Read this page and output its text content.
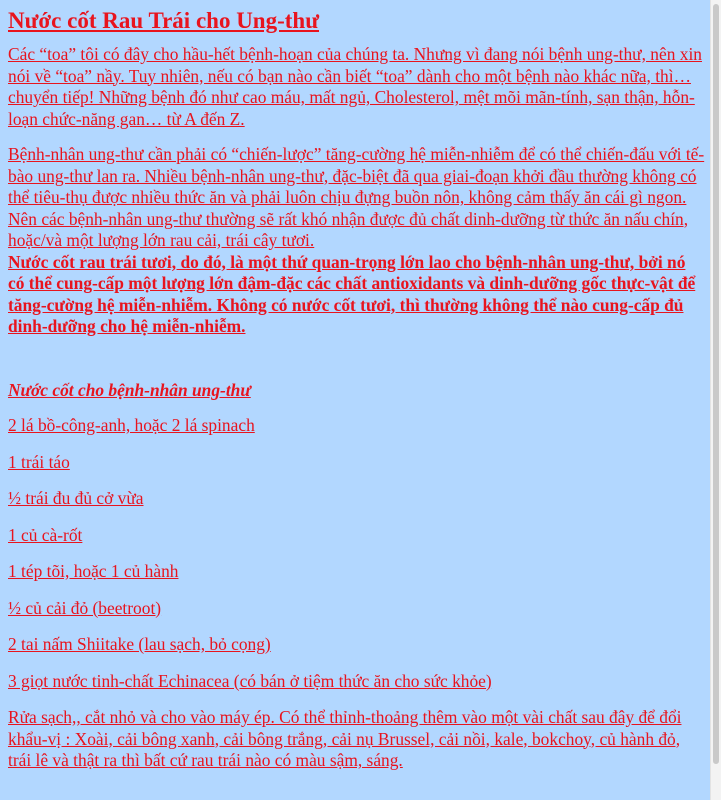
Nước cốt Rau Trái cho Ung-thư

Các “toa” tôi có đây cho hầu-hết bệnh-hoạn của chúng ta. Nhưng vì đang nói bệnh ung-thư, nên xin nói về “toa” nầy. Tuy nhiên, nếu có bạn nào cần biết “toa” dành cho một bệnh nào khác nữa, thì… chuyển tiếp! Những bệnh đó như cao máu, mất ngủ, Cholesterol, mệt mõi mãn-tính, sạn thận, hỗn-loạn chức-năng gan… từ A đến Z.

Bệnh-nhân ung-thư cần phải có “chiến-lược” tăng-cường hệ miễn-nhiễm để có thể chiến-đấu với tế-bào ung-thư lan ra. Nhiều bệnh-nhân ung-thư, đặc-biệt đã qua giai-đoạn khởi đầu thường không có thể tiêu-thụ được nhiều thức ăn và phải luôn chịu đựng buồn nôn, không cảm thấy ăn cái gì ngon. Nên các bệnh-nhân ung-thư thường sẽ rất khó nhận được đủ chất dinh-dưỡng từ thức ăn nấu chín, hoặc/và một lượng lớn rau cải, trái cây tươi.

Nước cốt rau trái tươi, do đó, là một thứ quan-trọng lớn lao cho bệnh-nhân ung-thư, bởi nó có thể cung-cấp một lượng lớn đậm-đặc các chất antioxidants và dinh-dưỡng gốc thực-vật để tăng-cường hệ miễn-nhiễm. Không có nước cốt tươi, thì thường không thể nào cung-cấp đủ dinh-dưỡng cho hệ miễn-nhiễm.

Nước cốt cho bệnh-nhân ung-thư

2 lá bồ-công-anh, hoặc 2 lá spinach
1 trái táo
½ trái đu đủ cở vừa
1 củ cà-rốt
1 tép tõi, hoặc 1 củ hành
½ củ cải đỏ (beetroot)
2 tai nấm Shiitake (lau sạch, bỏ cọng)
3 giọt nước tinh-chất Echinacea (có bán ở tiệm thức ăn cho sức khỏe)

Rửa sạch,, cắt nhỏ và cho vào máy ép. Có thể thỉnh-thoảng thêm vào một vài chất sau đây để đổi khẩu-vị : Xoài, cải bông xanh, cải bông trắng, cải nụ Brussel, cải nồi, kale, bokchoy, củ hành đỏ, trái lê và thật ra thì bất cứ rau trái nào có màu sậm, sáng.
